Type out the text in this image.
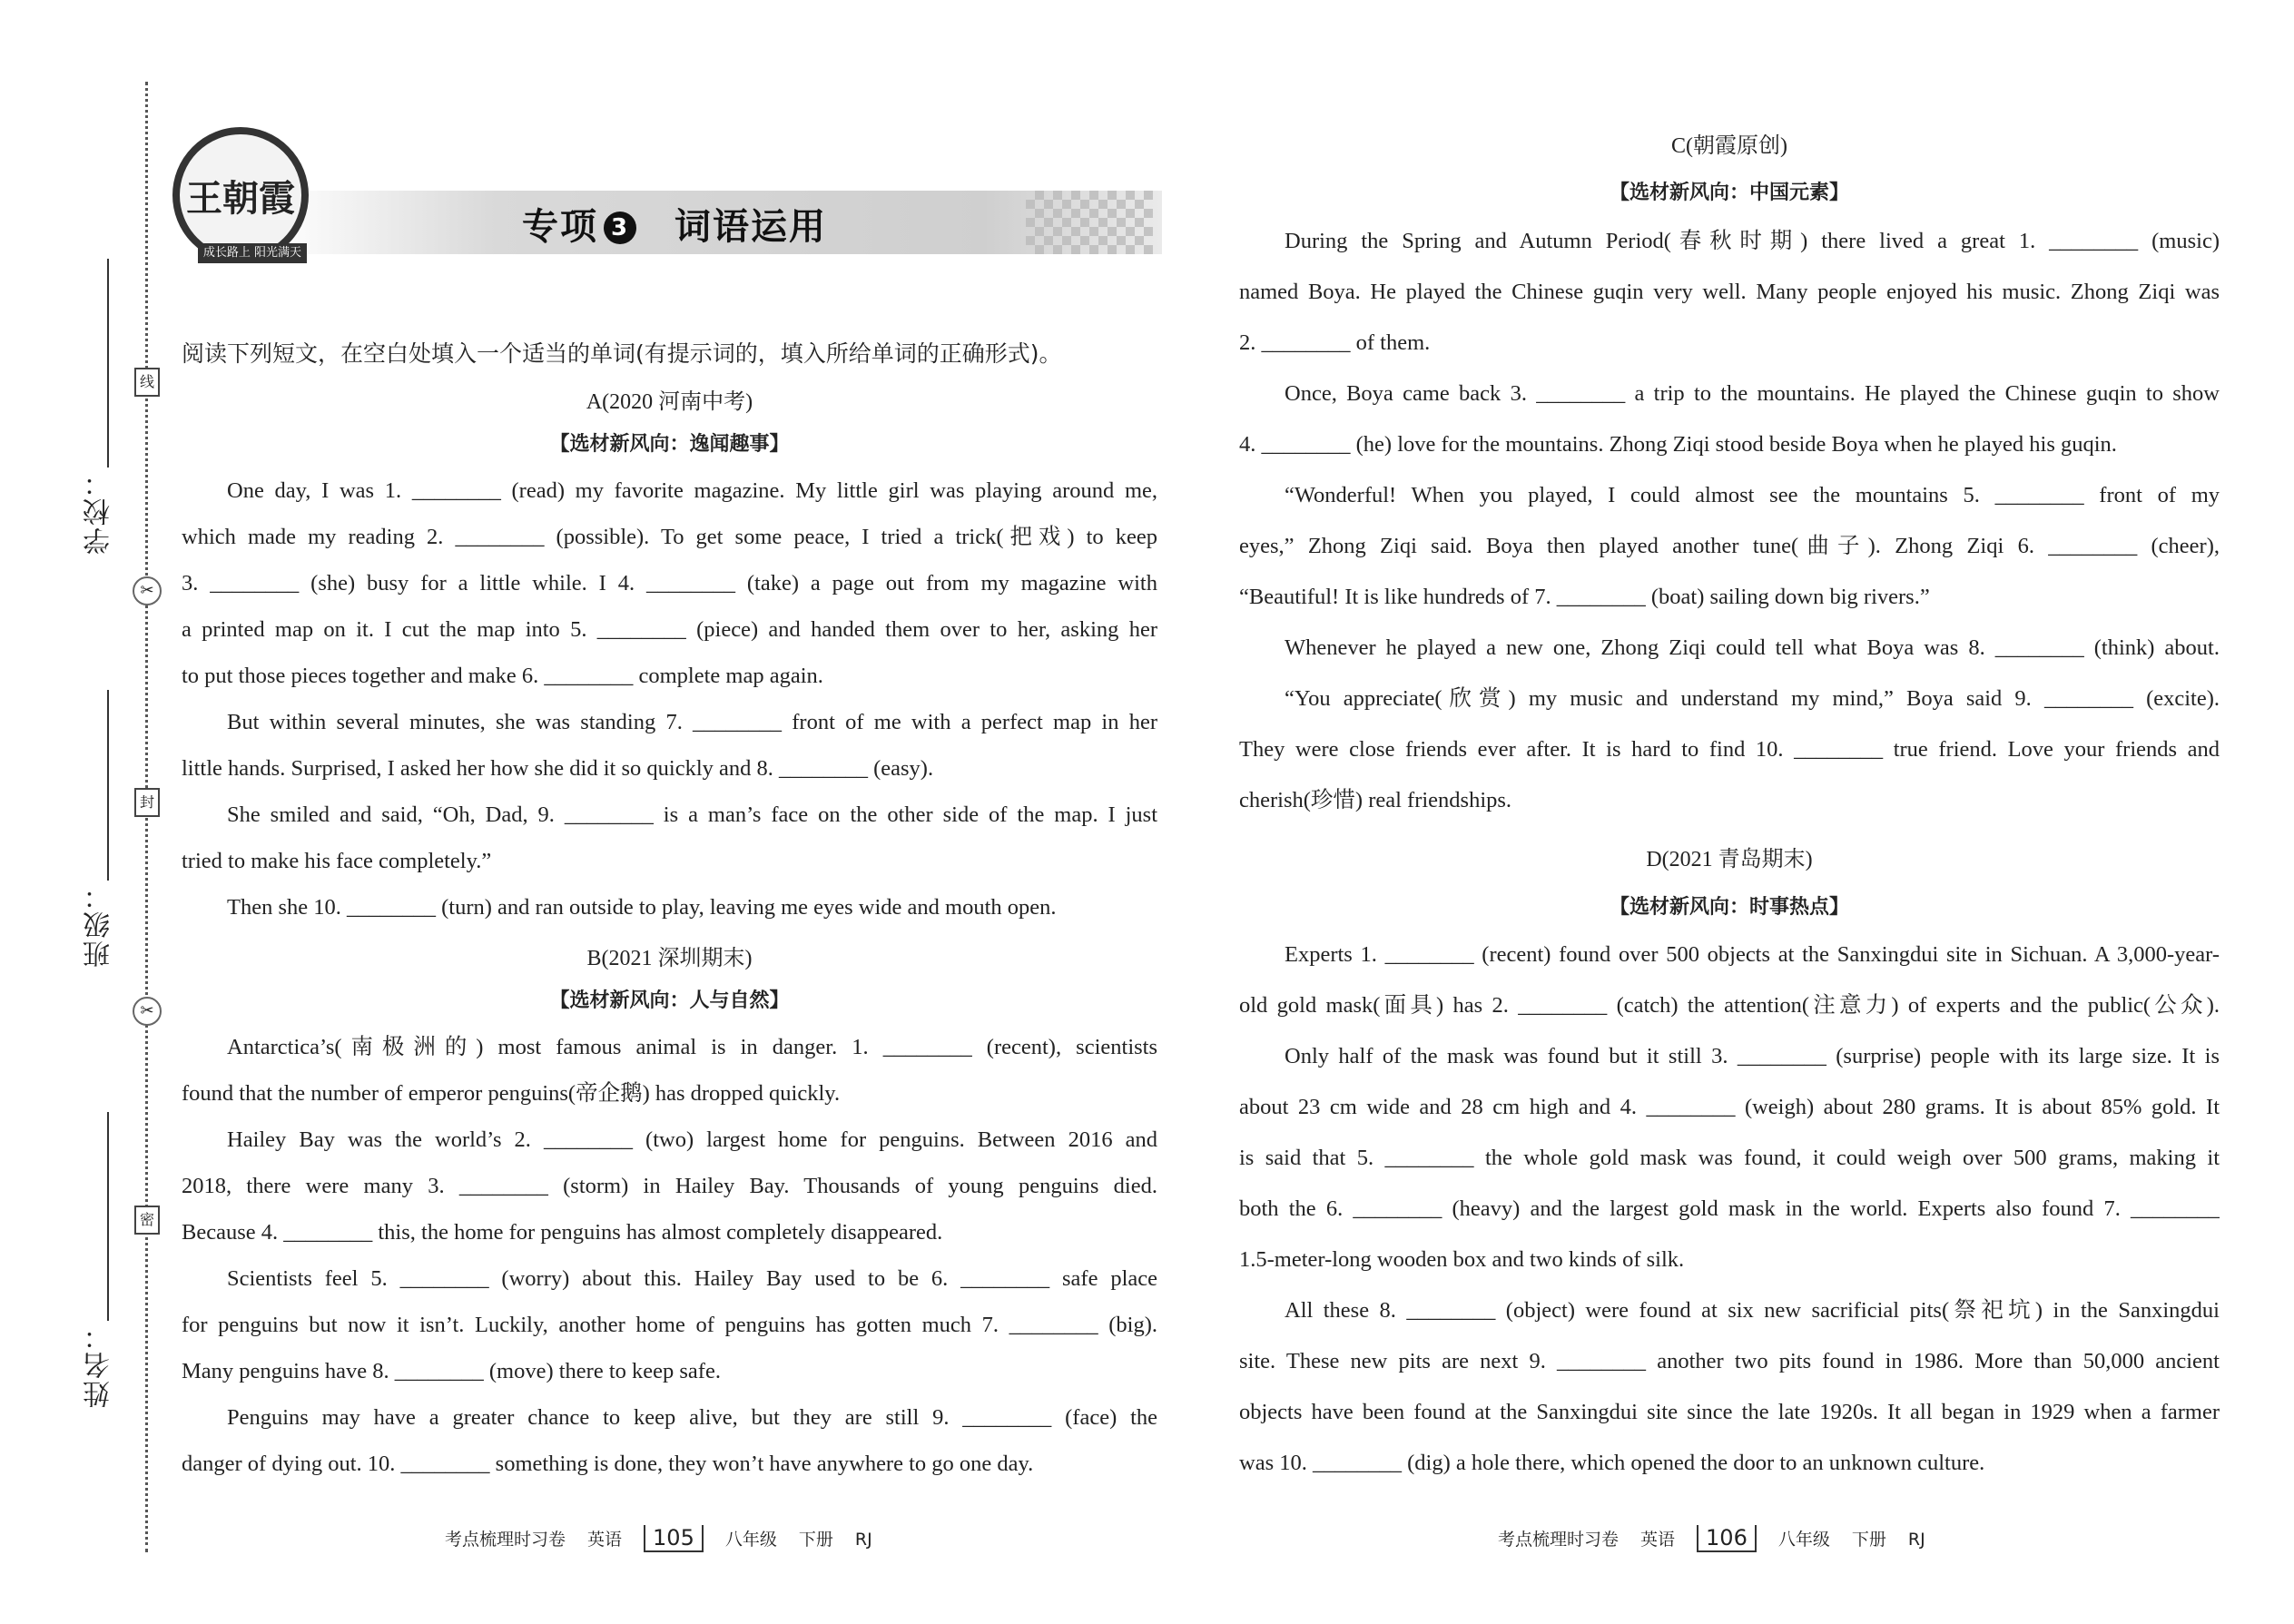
学校：
班级：
姓名：
线
✂
封
✂
密
王朝霞
成长路上 阳光满天
专项 3 词语运用
阅读下列短文，在空白处填入一个适当的单词(有提示词的，填入所给单词的正确形式)。
A(2020 河南中考)
【选材新风向：逸闻趣事】
One day, I was 1. ________ (read) my favorite magazine. My little girl was playing around me,
which made my reading 2. ________ (possible). To get some peace, I tried a trick(把戏) to keep
3. ________ (she) busy for a little while. I 4. ________ (take) a page out from my magazine with
a printed map on it. I cut the map into 5. ________ (piece) and handed them over to her, asking her
to put those pieces together and make 6. ________ complete map again.
But within several minutes, she was standing 7. ________ front of me with a perfect map in her
little hands. Surprised, I asked her how she did it so quickly and 8. ________ (easy).
She smiled and said, “Oh, Dad, 9. ________ is a man’s face on the other side of the map. I just
tried to make his face completely.”
Then she 10. ________ (turn) and ran outside to play, leaving me eyes wide and mouth open.
B(2021 深圳期末)
【选材新风向：人与自然】
Antarctica’s(南极洲的) most famous animal is in danger. 1. ________ (recent), scientists
found that the number of emperor penguins(帝企鹅) has dropped quickly.
Hailey Bay was the world’s 2. ________ (two) largest home for penguins. Between 2016 and
2018, there were many 3. ________ (storm) in Hailey Bay. Thousands of young penguins died.
Because 4. ________ this, the home for penguins has almost completely disappeared.
Scientists feel 5. ________ (worry) about this. Hailey Bay used to be 6. ________ safe place
for penguins but now it isn’t. Luckily, another home of penguins has gotten much 7. ________ (big).
Many penguins have 8. ________ (move) there to keep safe.
Penguins may have a greater chance to keep alive, but they are still 9. ________ (face) the
danger of dying out. 10. ________ something is done, they won’t have anywhere to go one day.
C(朝霞原创)
【选材新风向：中国元素】
During the Spring and Autumn Period(春秋时期) there lived a great 1. ________ (music)
named Boya. He played the Chinese guqin very well. Many people enjoyed his music. Zhong Ziqi was
2. ________ of them.
Once, Boya came back 3. ________ a trip to the mountains. He played the Chinese guqin to show
4. ________ (he) love for the mountains. Zhong Ziqi stood beside Boya when he played his guqin.
“Wonderful! When you played, I could almost see the mountains 5. ________ front of my
eyes,” Zhong Ziqi said. Boya then played another tune(曲子). Zhong Ziqi 6. ________ (cheer),
“Beautiful! It is like hundreds of 7. ________ (boat) sailing down big rivers.”
Whenever he played a new one, Zhong Ziqi could tell what Boya was 8. ________ (think) about.
“You appreciate(欣赏) my music and understand my mind,” Boya said 9. ________ (excite).
They were close friends ever after. It is hard to find 10. ________ true friend. Love your friends and
cherish(珍惜) real friendships.
D(2021 青岛期末)
【选材新风向：时事热点】
Experts 1. ________ (recent) found over 500 objects at the Sanxingdui site in Sichuan. A 3,000-year-
old gold mask(面具) has 2. ________ (catch) the attention(注意力) of experts and the public(公众).
Only half of the mask was found but it still 3. ________ (surprise) people with its large size. It is
about 23 cm wide and 28 cm high and 4. ________ (weigh) about 280 grams. It is about 85% gold. It
is said that 5. ________ the whole gold mask was found, it could weigh over 500 grams, making it
both the 6. ________ (heavy) and the largest gold mask in the world. Experts also found 7. ________
1.5-meter-long wooden box and two kinds of silk.
All these 8. ________ (object) were found at six new sacrificial pits(祭祀坑) in the Sanxingdui
site. These new pits are next 9. ________ another two pits found in 1986. More than 50,000 ancient
objects have been found at the Sanxingdui site since the late 1920s. It all began in 1929 when a farmer
was 10. ________ (dig) a hole there, which opened the door to an unknown culture.
考点梳理时习卷 英语 105 八年级 下册 RJ	考点梳理时习卷 英语 106 八年级 下册 RJ
